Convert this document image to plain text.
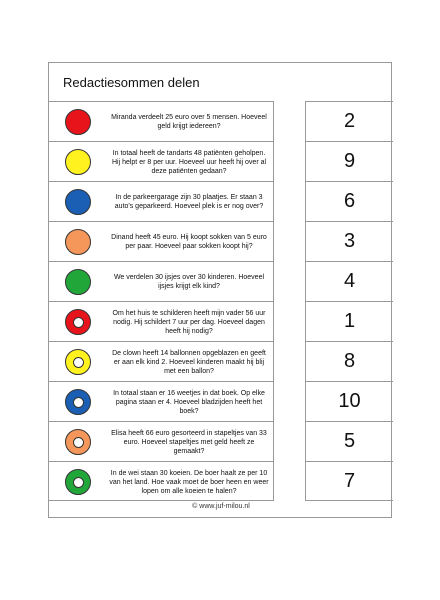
Redactiesommen delen
Miranda verdeelt 25 euro over 5 mensen. Hoeveel geld krijgt iedereen?	2
In totaal heeft de tandarts 48 patiënten geholpen. Hij helpt er 8 per uur. Hoeveel uur heeft hij over al deze patiënten gedaan?	9
In de parkeergarage zijn 30 plaatjes. Er staan 3 auto's geparkeerd. Hoeveel plek is er nog over?	6
Dinand heeft 45 euro. Hij koopt sokken van 5 euro per paar. Hoeveel paar sokken koopt hij?	3
We verdelen 30 ijsjes over 30 kinderen. Hoeveel ijsjes krijgt elk kind?	4
Om het huis te schilderen heeft mijn vader 56 uur nodig. Hij schildert 7 uur per dag. Hoeveel dagen heeft hij nodig?	1
De clown heeft 14 ballonnen opgeblazen en geeft er aan elk kind 2. Hoeveel kinderen maakt hij blij met een ballon?	8
In totaal staan er 16 weetjes in dat boek. Op elke pagina staan er 4. Hoeveel bladzijden heeft het boek?	10
Elisa heeft 66 euro gesorteerd in stapeltjes van 33 euro. Hoeveel stapeltjes met geld heeft ze gemaakt?	5
In de wei staan 30 koeien. De boer haalt ze per 10 van het land. Hoe vaak moet de boer heen en weer lopen om alle koeien te halen?	7
© www.juf-milou.nl
